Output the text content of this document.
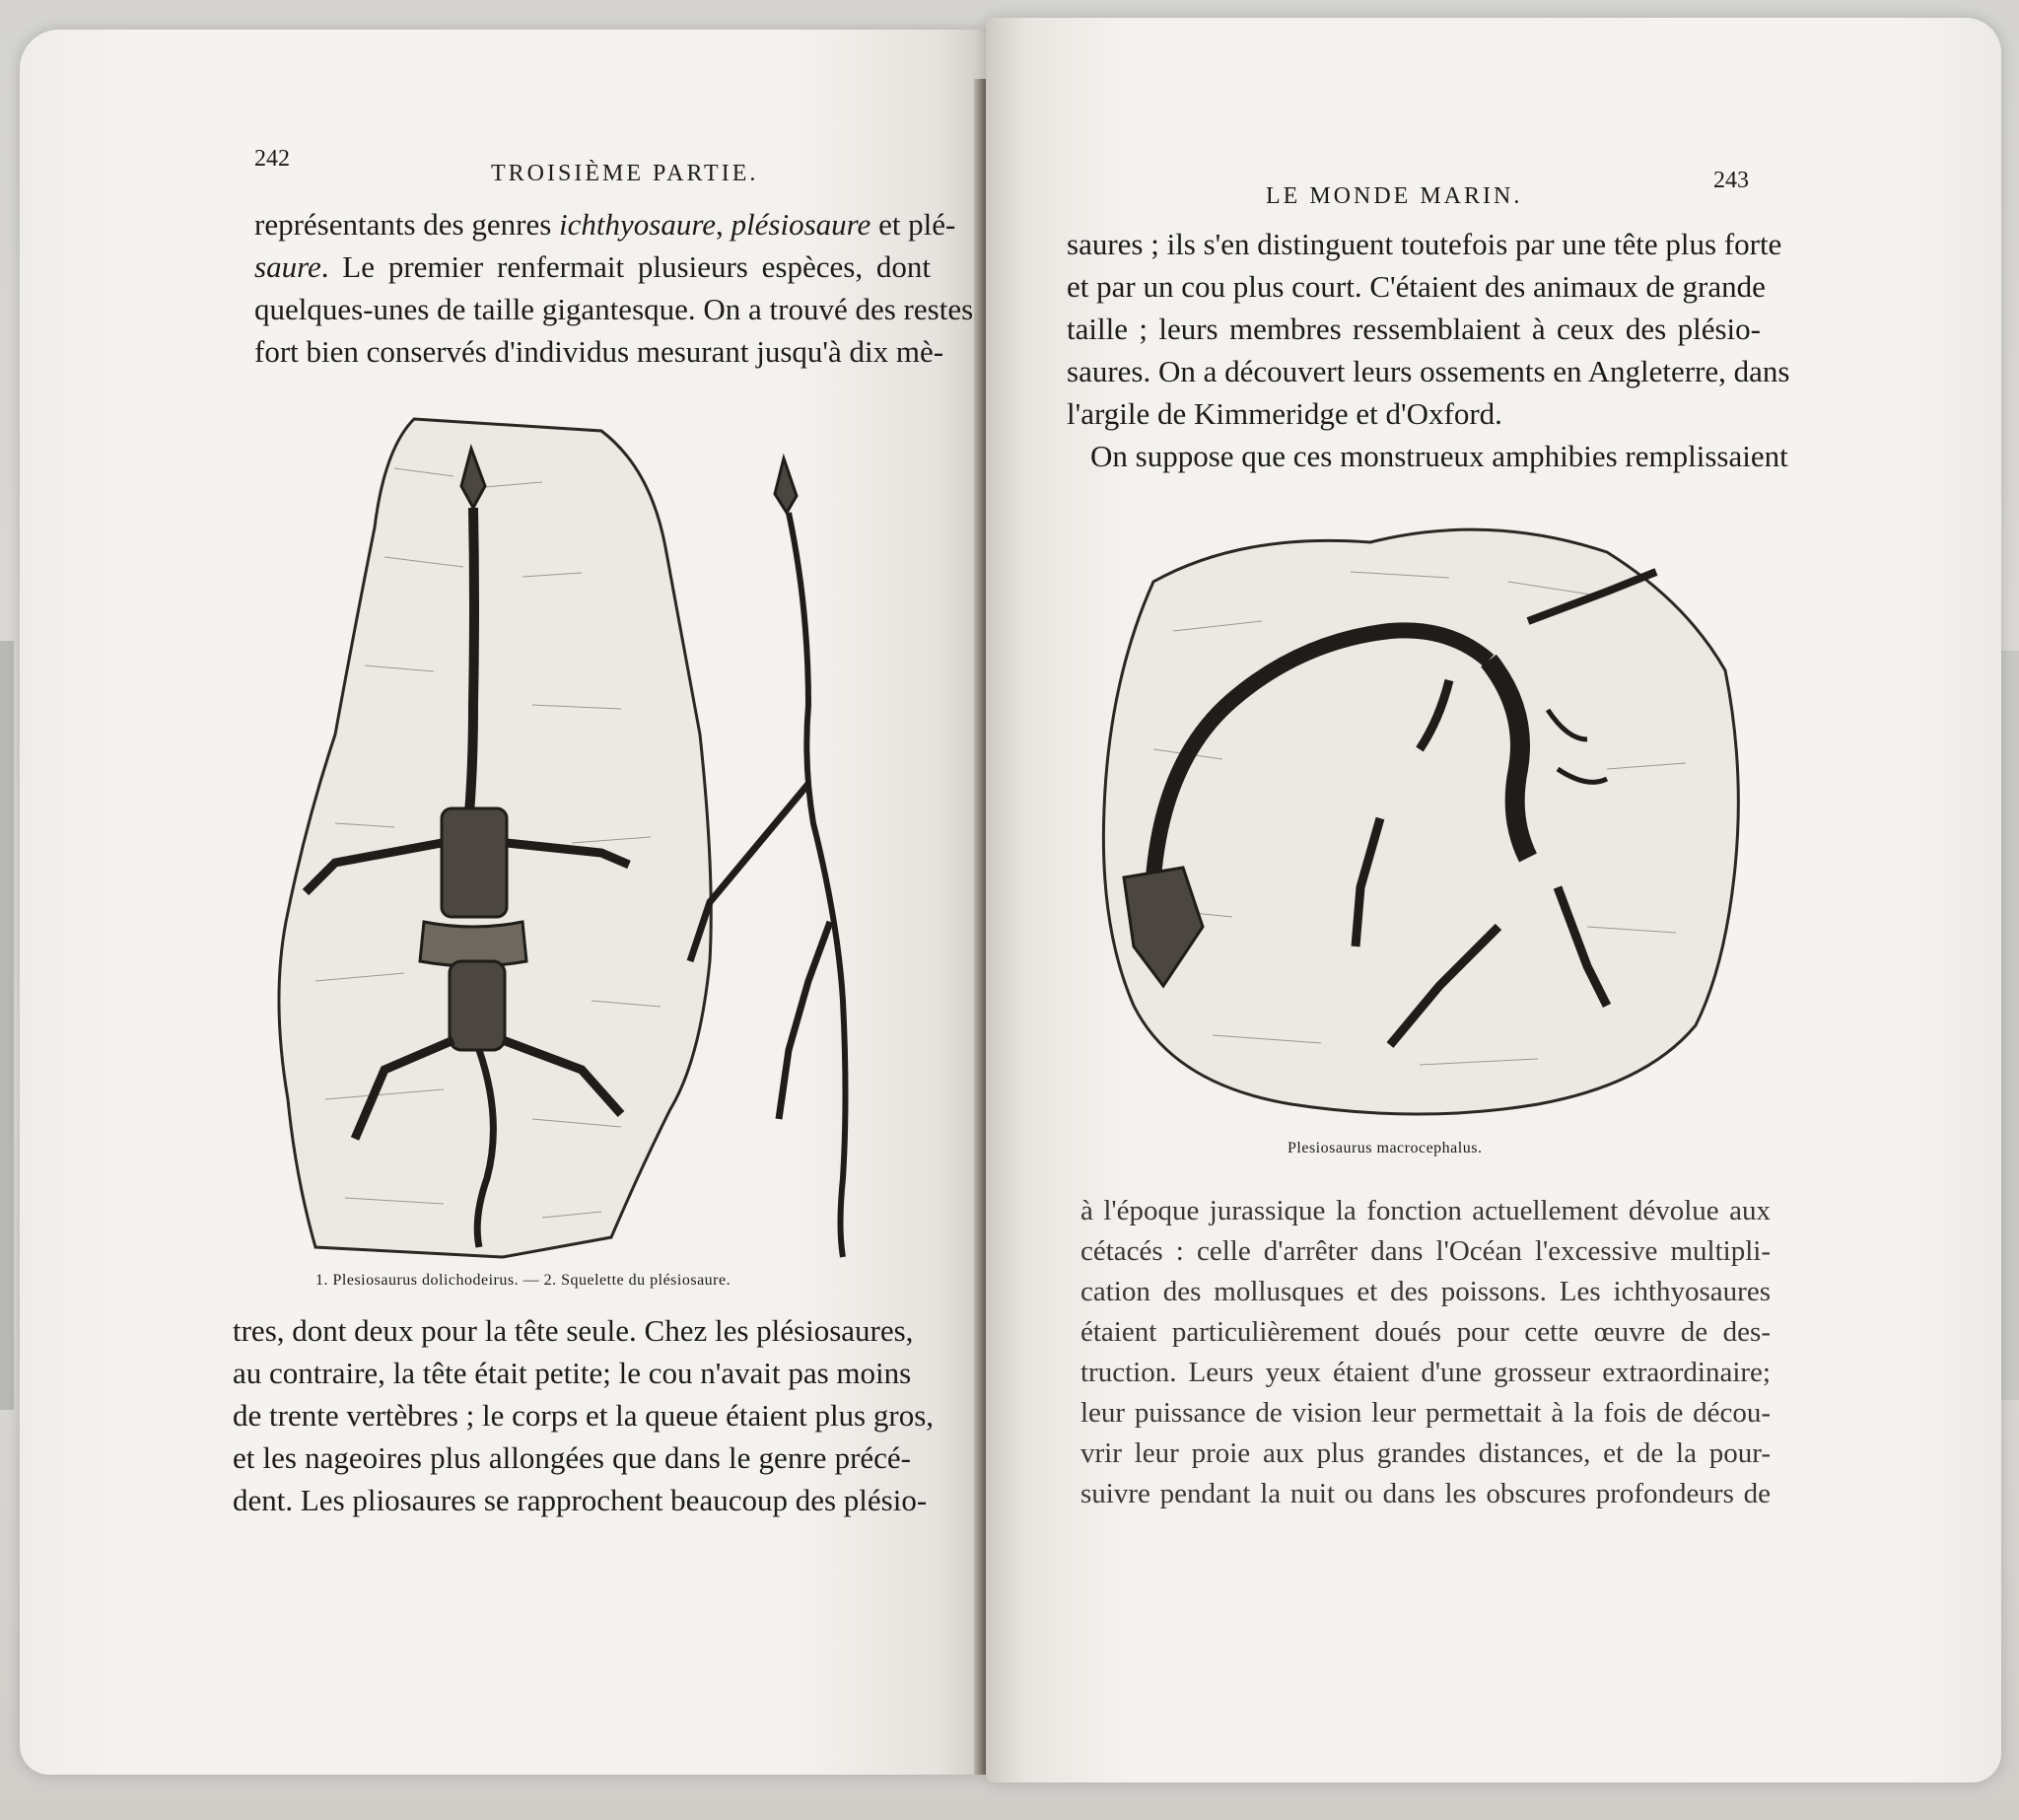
242
TROISIÈME PARTIE.
représentants des genres ichthyosaure, plésiosaure et plé-
saure. Le premier renfermait plusieurs espèces, dont
quelques-unes de taille gigantesque. On a trouvé des restes
fort bien conservés d'individus mesurant jusqu'à dix mè-
1. Plesiosaurus dolichodeirus. — 2. Squelette du plésiosaure.
tres, dont deux pour la tête seule. Chez les plésiosaures,
au contraire, la tête était petite; le cou n'avait pas moins
de trente vertèbres ; le corps et la queue étaient plus gros,
et les nageoires plus allongées que dans le genre précé-
dent. Les pliosaures se rapprochent beaucoup des plésio-
LE MONDE MARIN.
243
saures ; ils s'en distinguent toutefois par une tête plus forte
et par un cou plus court. C'étaient des animaux de grande
taille ; leurs membres ressemblaient à ceux des plésio-
saures. On a découvert leurs ossements en Angleterre, dans
l'argile de Kimmeridge et d'Oxford.
On suppose que ces monstrueux amphibies remplissaient
Plesiosaurus macrocephalus.
à l'époque jurassique la fonction actuellement dévolue aux
cétacés : celle d'arrêter dans l'Océan l'excessive multipli-
cation des mollusques et des poissons. Les ichthyosaures
étaient particulièrement doués pour cette œuvre de des-
truction. Leurs yeux étaient d'une grosseur extraordinaire;
leur puissance de vision leur permettait à la fois de décou-
vrir leur proie aux plus grandes distances, et de la pour-
suivre pendant la nuit ou dans les obscures profondeurs de
